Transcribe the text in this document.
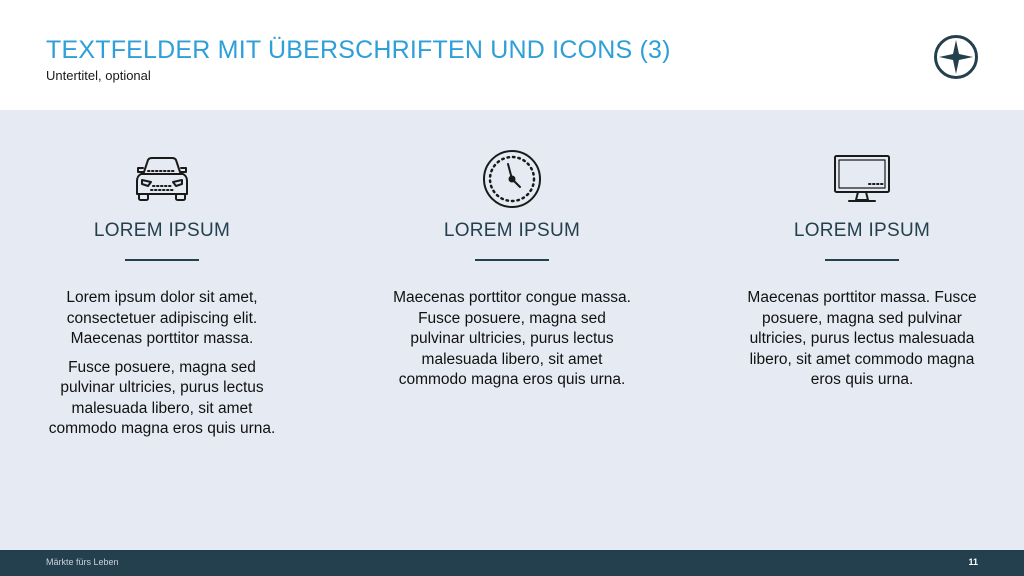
TEXTFELDER MIT ÜBERSCHRIFTEN UND ICONS (3)
Untertitel, optional
LOREM IPSUM

Lorem ipsum dolor sit amet, consectetuer adipiscing elit. Maecenas porttitor massa.

Fusce posuere, magna sed pulvinar ultricies, purus lectus malesuada libero, sit amet commodo magna eros quis urna.

LOREM IPSUM

Maecenas porttitor congue massa. Fusce posuere, magna sed pulvinar ultricies, purus lectus malesuada libero, sit amet commodo magna eros quis urna.

LOREM IPSUM

Maecenas porttitor massa. Fusce posuere, magna sed pulvinar ultricies, purus lectus malesuada libero, sit amet commodo magna eros quis urna.

Märkte fürs Leben	11
